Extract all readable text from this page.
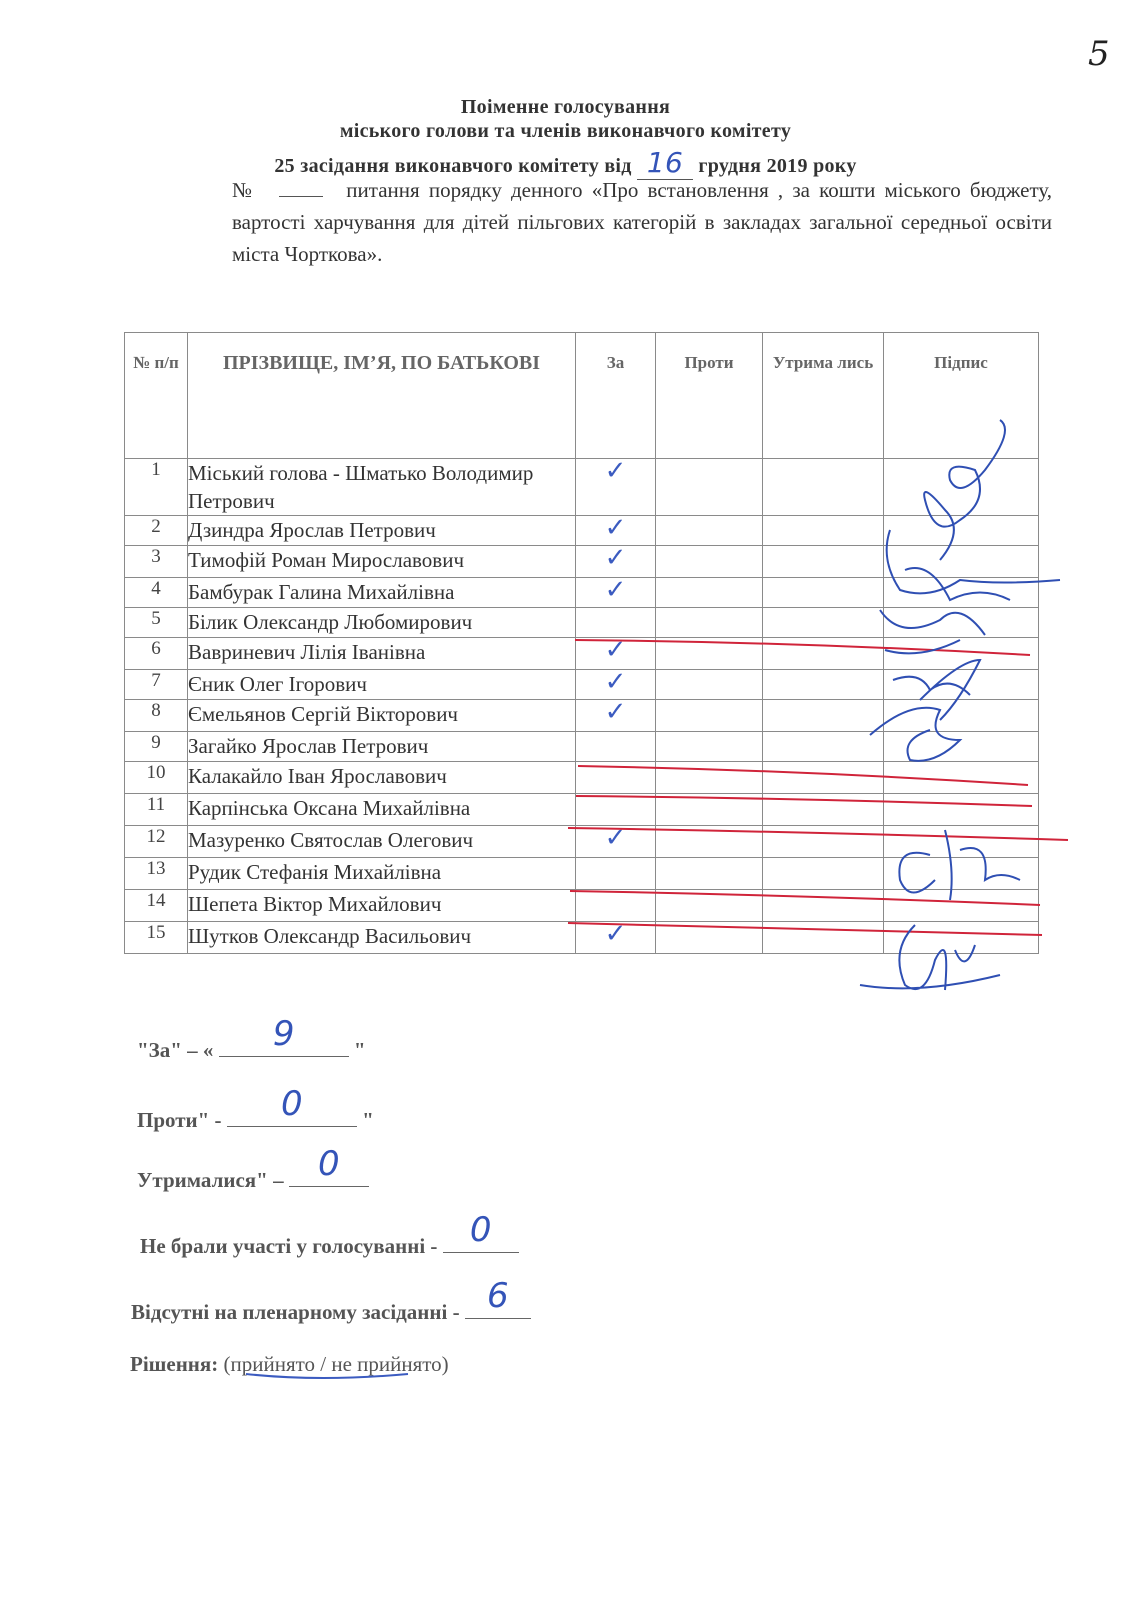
5
Поіменне голосування
міського голови та членів виконавчого комітету
25 засідання виконавчого комітету від 16 грудня 2019 року
№	питання порядку денного «Про встановлення , за кошти міського бюджету, вартості харчування для дітей пільгових категорій в закладах загальної середньої освіти міста Чорткова».
№ п/п	ПРІЗВИЩЕ, ІМ’Я, ПО БАТЬКОВІ	За	Проти	Утрима лись	Підпис
1	Міський голова - Шматько Володимир Петрович	✓			
2	Дзиндра Ярослав Петрович	✓			
3	Тимофій Роман Мирославович	✓			
4	Бамбурак Галина Михайлівна	✓			
5	Білик Олександр Любомирович				
6	Вавриневич Лілія Іванівна	✓			
7	Єник Олег Ігорович	✓			
8	Ємельянов Сергій Вікторович	✓			
9	Загайко Ярослав Петрович				
10	Калакайло Іван Ярославович				
11	Карпінська Оксана Михайлівна				
12	Мазуренко Святослав Олегович	✓			
13	Рудик Стефанія Михайлівна				
14	Шепета Віктор Михайлович				
15	Шутков Олександр Васильович	✓			
"За" – «	9	"
Проти" -	0	"
Утрималися" –	0
Не брали участі у голосуванні - 0
Відсутні на пленарному засіданні - 6
Рішення: (прийнято / не прийнято)
